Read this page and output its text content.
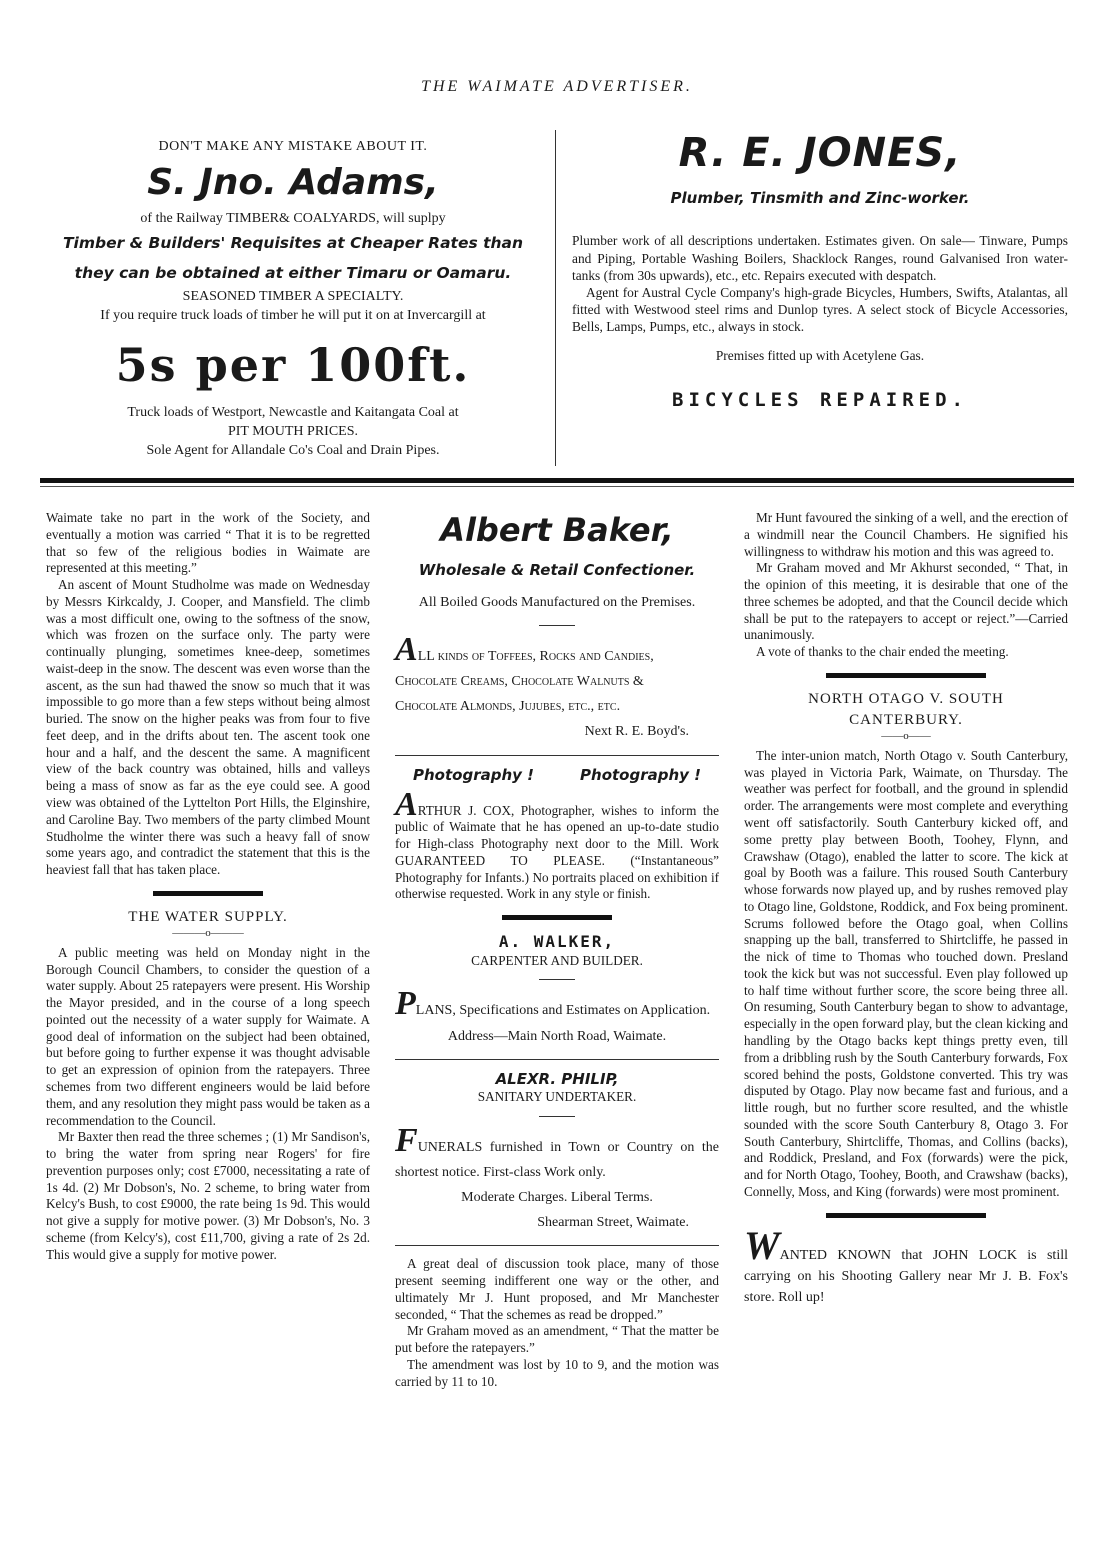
THE WAIMATE ADVERTISER.
DON'T MAKE ANY MISTAKE ABOUT IT.
S. Jno. Adams,
of the Railway TIMBER& COALYARDS, will suplpy
Timber & Builders' Requisites at Cheaper Rates than
they can be obtained at either Timaru or Oamaru.
SEASONED TIMBER A SPECIALTY.
If you require truck loads of timber he will put it on at Invercargill at
5s per 100ft.
Truck loads of Westport, Newcastle and Kaitangata Coal at
PIT MOUTH PRICES.
Sole Agent for Allandale Co's Coal and Drain Pipes.
R. E. JONES,
Plumber, Tinsmith and Zinc-worker.

Plumber work of all descriptions undertaken. Estimates given. On sale— Tinware, Pumps and Piping, Portable Washing Boilers, Shacklock Ranges, round Galvanised Iron water-tanks (from 30s upwards), etc., etc. Repairs executed with despatch.

Agent for Austral Cycle Company's high-grade Bicycles, Humbers, Swifts, Atalantas, all fitted with Westwood steel rims and Dunlop tyres. A select stock of Bicycle Accessories, Bells, Lamps, Pumps, etc., always in stock.

Premises fitted up with Acetylene Gas.

BICYCLES REPAIRED.

Waimate take no part in the work of the Society, and eventually a motion was carried “ That it is to be regretted that so few of the religious bodies in Waimate are represented at this meeting.”

An ascent of Mount Studholme was made on Wednesday by Messrs Kirkcaldy, J. Cooper, and Mansfield. The climb was a most difficult one, owing to the softness of the snow, which was frozen on the surface only. The party were continually plunging, sometimes knee-deep, sometimes waist-deep in the snow. The descent was even worse than the ascent, as the sun had thawed the snow so much that it was impossible to go more than a few steps without being almost buried. The snow on the higher peaks was from four to five feet deep, and in the drifts about ten. The ascent took one hour and a half, and the descent the same. A magnificent view of the back country was obtained, hills and valleys being a mass of snow as far as the eye could see. A good view was obtained of the Lyttelton Port Hills, the Elginshire, and Caroline Bay. Two members of the party climbed Mount Studholme the winter there was such a heavy fall of snow some years ago, and contradict the statement that this is the heaviest fall that has taken place.

THE WATER SUPPLY.
———o———

A public meeting was held on Monday night in the Borough Council Chambers, to consider the question of a water supply. About 25 ratepayers were present. His Worship the Mayor presided, and in the course of a long speech pointed out the necessity of a water supply for Waimate. A good deal of information on the subject had been obtained, but before going to further expense it was thought advisable to get an expression of opinion from the ratepayers. Three schemes from two different engineers would be laid before them, and any resolution they might pass would be taken as a recommendation to the Council.

Mr Baxter then read the three schemes ; (1) Mr Sandison's, to bring the water from spring near Rogers' for fire prevention purposes only; cost £7000, necessitating a rate of 1s 4d. (2) Mr Dobson's, No. 2 scheme, to bring water from Kelcy's Bush, to cost £9000, the rate being 1s 9d. This would not give a supply for motive power. (3) Mr Dobson's, No. 3 scheme (from Kelcy's), cost £11,700, giving a rate of 2s 2d. This would give a supply for motive power.

Albert Baker,
Wholesale & Retail Confectioner.
All Boiled Goods Manufactured on the Premises.
ALL kinds of Toffees, Rocks and Candies,
Chocolate Creams, Chocolate Walnuts &
Chocolate Almonds, Jujubes, etc., etc.
Next R. E. Boyd's.
Photography !	Photography !

ARTHUR J. COX, Photographer, wishes to inform the public of Waimate that he has opened an up-to-date studio for High-class Photography next door to the Mill. Work GUARANTEED TO PLEASE. (“Instantaneous” Photography for Infants.) No portraits placed on exhibition if otherwise requested. Work in any style or finish.

A. WALKER,
CARPENTER AND BUILDER.

PLANS, Specifications and Estimates on Application.

Address—Main North Road, Waimate.
ALEXR. PHILIP,
SANITARY UNDERTAKER.

FUNERALS furnished in Town or Country on the shortest notice. First-class Work only.

Moderate Charges. Liberal Terms.
Shearman Street, Waimate.

A great deal of discussion took place, many of those present seeming indifferent one way or the other, and ultimately Mr J. Hunt proposed, and Mr Manchester seconded, “ That the schemes as read be dropped.”

Mr Graham moved as an amendment, “ That the matter be put before the ratepayers.”

The amendment was lost by 10 to 9, and the motion was carried by 11 to 10.

Mr Hunt favoured the sinking of a well, and the erection of a windmill near the Council Chambers. He signified his willingness to withdraw his motion and this was agreed to.

Mr Graham moved and Mr Akhurst seconded, “ That, in the opinion of this meeting, it is desirable that one of the three schemes be adopted, and that the Council decide which shall be put to the ratepayers to accept or reject.”—Carried unanimously.

A vote of thanks to the chair ended the meeting.

NORTH OTAGO V. SOUTH
CANTERBURY.
——o——

The inter-union match, North Otago v. South Canterbury, was played in Victoria Park, Waimate, on Thursday. The weather was perfect for football, and the ground in splendid order. The arrangements were most complete and everything went off satisfactorily. South Canterbury kicked off, and some pretty play between Booth, Toohey, Flynn, and Crawshaw (Otago), enabled the latter to score. The kick at goal by Booth was a failure. This roused South Canterbury whose forwards now played up, and by rushes removed play to Otago line, Goldstone, Roddick, and Fox being prominent. Scrums followed before the Otago goal, when Collins snapping up the ball, transferred to Shirtcliffe, he passed in the nick of time to Thomas who touched down. Presland took the kick but was not successful. Even play followed up to half time without further score, the score being three all. On resuming, South Canterbury began to show to advantage, especially in the open forward play, but the clean kicking and handling by the Otago backs kept things pretty even, till from a dribbling rush by the South Canterbury forwards, Fox scored behind the posts, Goldstone converted. This try was disputed by Otago. Play now became fast and furious, and a little rough, but no further score resulted, and the whistle sounded with the score South Canterbury 8, Otago 3. For South Canterbury, Shirtcliffe, Thomas, and Collins (backs), and Roddick, Presland, and Fox (forwards) were the pick, and for North Otago, Toohey, Booth, and Crawshaw (backs), Connelly, Moss, and King (forwards) were most prominent.

WANTED KNOWN that JOHN LOCK is still carrying on his Shooting Gallery near Mr J. B. Fox's store. Roll up!
